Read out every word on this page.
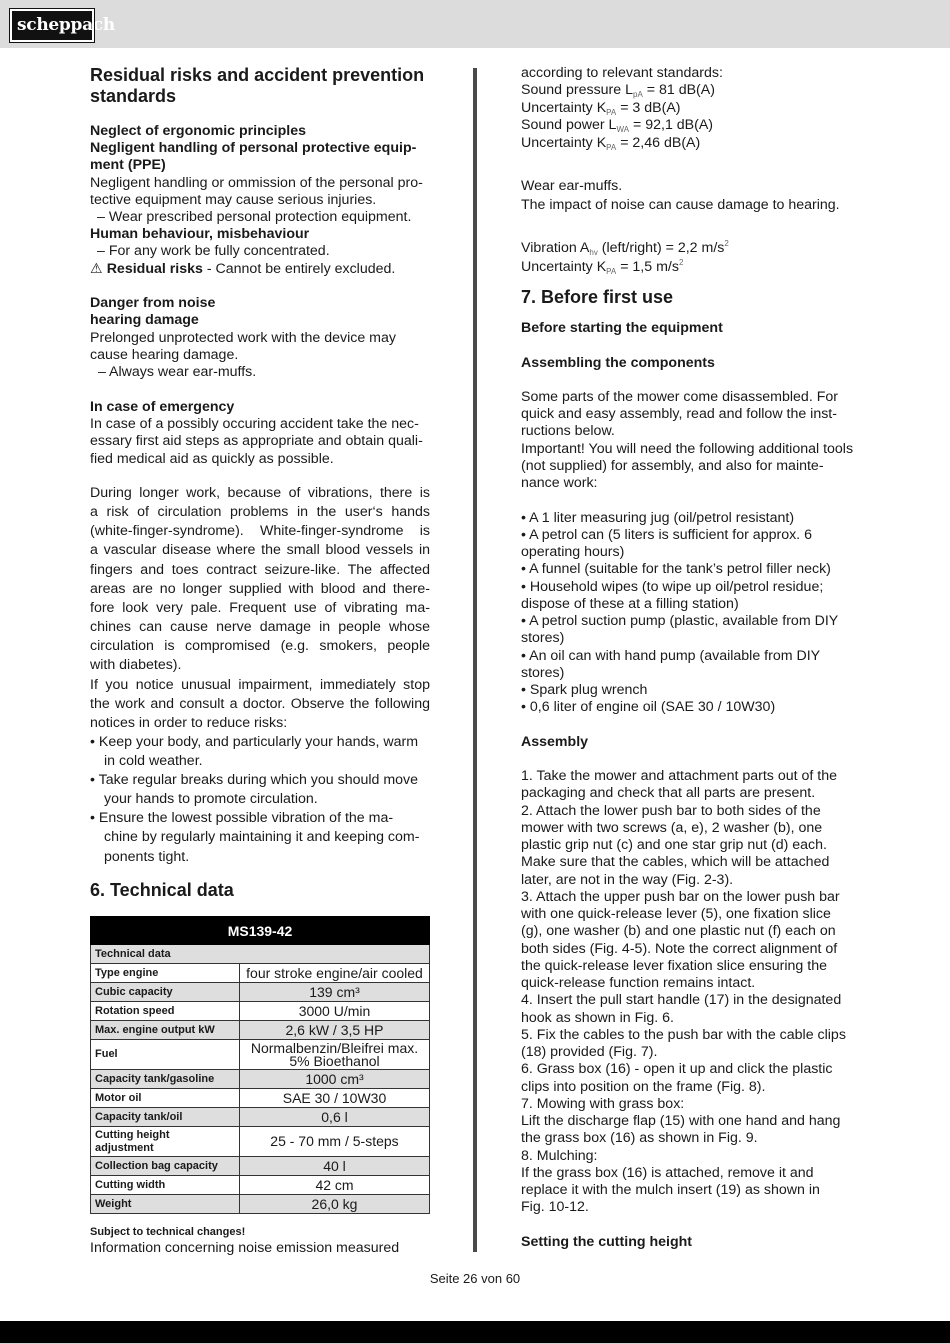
scheppach
Residual risks and accident prevention
standards
Neglect of ergonomic principles
Negligent handling of personal protective equip-
ment (PPE)
Negligent handling or ommission of the personal pro-
tective equipment may cause serious injuries.
– Wear prescribed personal protection equipment.
Human behaviour, misbehaviour
– For any work be fully concentrated.
⚠ Residual risks - Cannot be entirely excluded.
Danger from noise
hearing damage
Prelonged unprotected work with the device may
cause hearing damage.
– Always wear ear-muffs.
In case of emergency
In case of a possibly occuring accident take the nec-
essary first aid steps as appropriate and obtain quali-
fied medical aid as quickly as possible.
During longer work, because of vibrations, there is
a risk of circulation problems in the user‘s hands
(white-finger-syndrome). White-finger-syndrome is
a vascular disease where the small blood vessels in
fingers and toes contract seizure-like. The affected
areas are no longer supplied with blood and there-
fore look very pale. Frequent use of vibrating ma-
chines can cause nerve damage in people whose
circulation is compromised (e.g. smokers, people
with diabetes).
If you notice unusual impairment, immediately stop
the work and consult a doctor. Observe the following
notices in order to reduce risks:
• Keep your body, and particularly your hands, warm
in cold weather.
• Take regular breaks during which you should move
your hands to promote circulation.
• Ensure the lowest possible vibration of the ma-
chine by regularly maintaining it and keeping com-
ponents tight.
6. Technical data
Subject to technical changes!
Information concerning noise emission measured
MS139-42	
Technical data	
Type engine	four stroke engine/air cooled
Cubic capacity	139 cm³
Rotation speed	3000 U/min
Max. engine output kW	2,6 kW / 3,5 HP
Fuel	Normalbenzin/Bleifrei max.
5% Bioethanol

Capacity tank/gasoline	1000 cm³
Motor oil	SAE 30 / 10W30
Capacity tank/oil	0,6 l

Cutting height
adjustment	25 - 70 mm / 5-steps
Collection bag capacity	40 l
Cutting width	42 cm
Weight	26,0 kg
according to relevant standards:
Sound pressure $L_{pA} = 81$ dB(A)
Uncertainty $K_{PA} = 3$ dB(A)
Sound power $L_{WA} = 92,1$ dB(A)
Uncertainty $K_{PA} = 2,46$ dB(A)
Wear ear-muffs.
The impact of noise can cause damage to hearing.
Vibration $A_{hv}$ (left/right) = 2,2 $m/s^2$
Uncertainty $K_{PA} = 1,5$ $m/s^2$
7. Before first use
Before starting the equipment
Assembling the components
Some parts of the mower come disassembled. For
quick and easy assembly, read and follow the inst-
ructions below.
Important! You will need the following additional tools
(not supplied) for assembly, and also for mainte-
nance work:
• A 1 liter measuring jug (oil/petrol resistant)
• A petrol can (5 liters is sufficient for approx. 6
operating hours)
• A funnel (suitable for the tank’s petrol filler neck)
• Household wipes (to wipe up oil/petrol residue;
dispose of these at a filling station)
• A petrol suction pump (plastic, available from DIY
stores)
• An oil can with hand pump (available from DIY
stores)
• Spark plug wrench
• 0,6 liter of engine oil (SAE 30 / 10W30)
Assembly
1. Take the mower and attachment parts out of the
packaging and check that all parts are present.
2. Attach the lower push bar to both sides of the
mower with two screws (a, e), 2 washer (b), one
plastic grip nut (c) and one star grip nut (d) each.
Make sure that the cables, which will be attached
later, are not in the way (Fig. 2-3).
3. Attach the upper push bar on the lower push bar
with one quick-release lever (5), one fixation slice
(g), one washer (b) and one plastic nut (f) each on
both sides (Fig. 4-5). Note the correct alignment of
the quick-release lever fixation slice ensuring the
quick-release function remains intact.
4. Insert the pull start handle (17) in the designated
hook as shown in Fig. 6.
5. Fix the cables to the push bar with the cable clips
(18) provided (Fig. 7).
6. Grass box (16) - open it up and click the plastic
clips into position on the frame (Fig. 8).
7. Mowing with grass box:
Lift the discharge flap (15) with one hand and hang
the grass box (16) as shown in Fig. 9.
8. Mulching:
If the grass box (16) is attached, remove it and
replace it with the mulch insert (19) as shown in
Fig. 10-12.
Setting the cutting height
Seite 26 von 60
